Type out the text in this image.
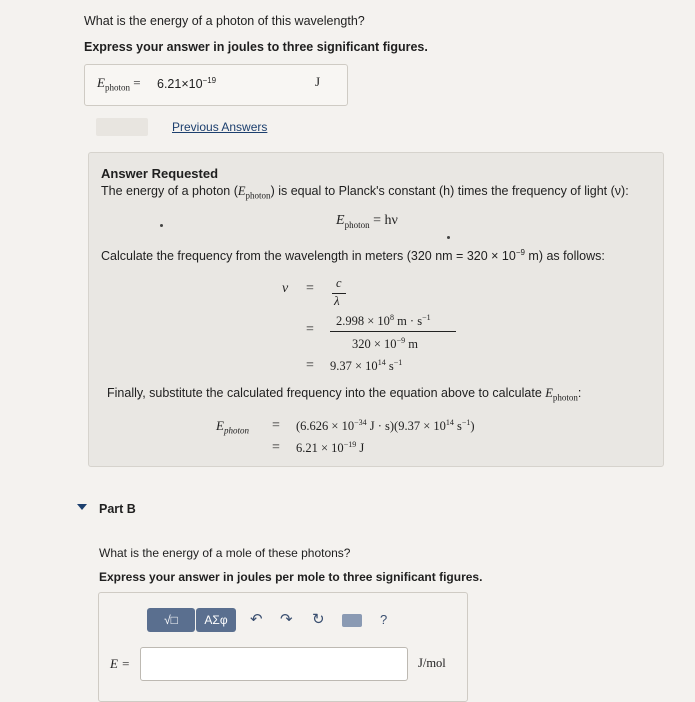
What is the energy of a photon of this wavelength?
Express your answer in joules to three significant figures.
$E_{photon} = 6.21\times 10^{-19}$	J
Previous Answers
Answer Requested
The energy of a photon $(E_{photon})$ is equal to Planck's constant (h) times the frequency of light (ν):
$E_{photon} = h\nu$
Calculate the frequency from the wavelength in meters (320 nm = $320 \times 10^{-9}$ m) as follows:
ν = c
λ
=
$2.998 \times 10^8$ $m \cdot s^{-1}$
$320 \times 10^{-9}$ m
= $9.37 \times 10^{14}$ $s^{-1}$
Finally, substitute the calculated frequency into the equation above to calculate $E_{photon}$:
$E_{photon} = (6.626 \times 10^{-34}$ $J \cdot s)(9.37 \times 10^{14}$ $s^{-1}$)
= $6.21 \times 10^{-19}$ J
Part B
What is the energy of a mole of these photons?
Express your answer in joules per mole to three significant figures.
√□	ΑΣφ	↶ ↷ ↻	?
E =	J/mol
